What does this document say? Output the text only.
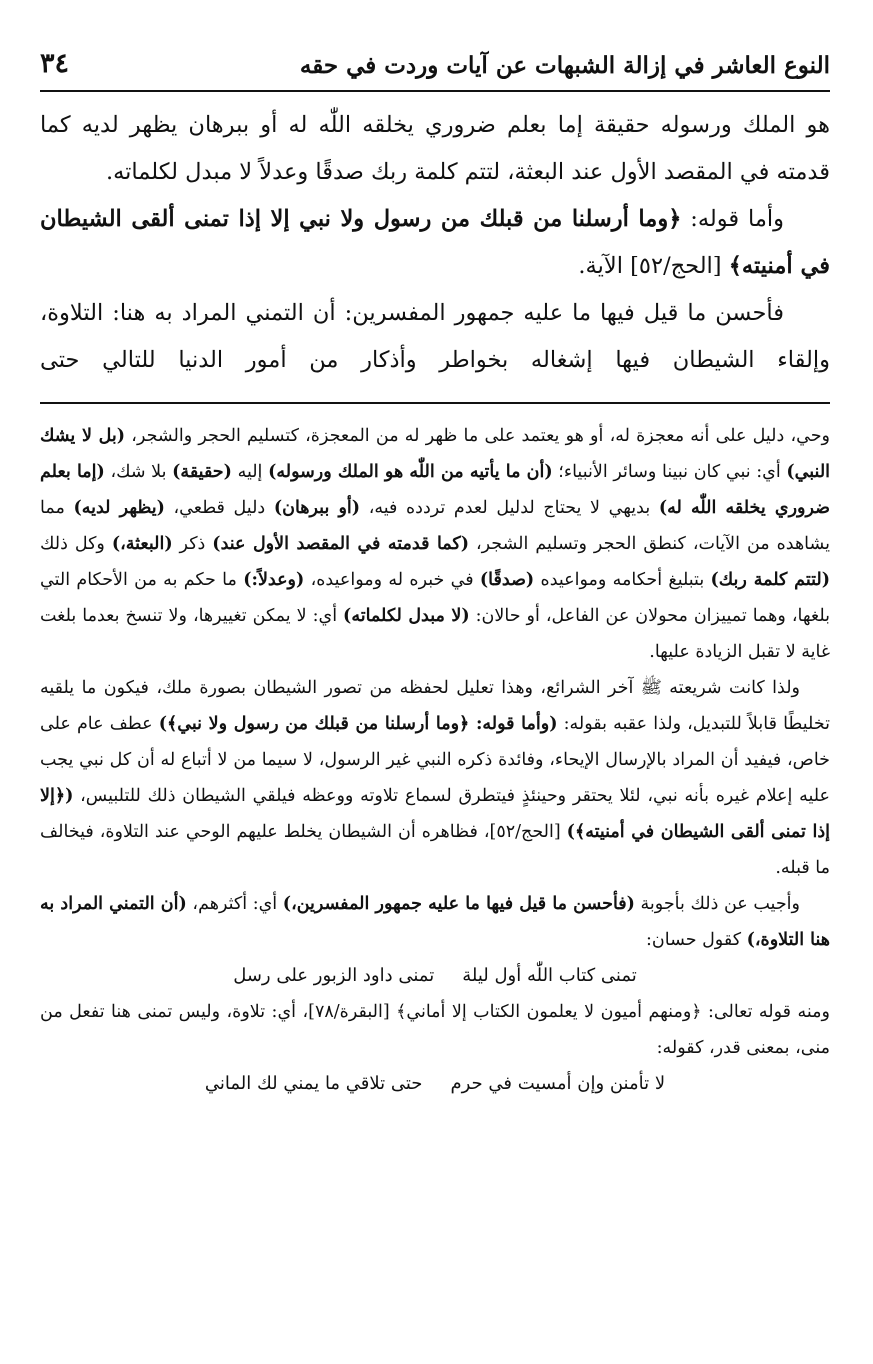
النوع العاشر في إزالة الشبهات عن آيات وردت في حقه
٣٤

هو الملك ورسوله حقيقة إما بعلم ضروري يخلقه اللّٰه له أو ببرهان يظهر لديه كما قدمته في المقصد الأول عند البعثة، لتتم كلمة ربك صدقًا وعدلاً لا مبدل لكلماته.

وأما قوله: ﴿وما أرسلنا من قبلك من رسول ولا نبي إلا إذا تمنى ألقى الشيطان في أمنيته﴾ [الحج/٥٢] الآية.

فأحسن ما قيل فيها ما عليه جمهور المفسرين: أن التمني المراد به هنا: التلاوة، وإلقاء الشيطان فيها إشغاله بخواطر وأذكار من أمور الدنيا للتالي حتى

وحي، دليل على أنه معجزة له، أو هو يعتمد على ما ظهر له من المعجزة، كتسليم الحجر والشجر، (بل لا يشك النبي) أي: نبي كان نبينا وسائر الأنبياء؛ (أن ما يأتيه من اللّٰه هو الملك ورسوله) إليه (حقيقة) بلا شك، (إما بعلم ضروري يخلقه اللّٰه له) بديهي لا يحتاج لدليل لعدم تردده فيه، (أو ببرهان) دليل قطعي، (يظهر لديه) مما يشاهده من الآيات، كنطق الحجر وتسليم الشجر، (كما قدمته في المقصد الأول عند) ذكر (البعثة،) وكل ذلك (لتتم كلمة ربك) بتبليغ أحكامه ومواعيده (صدقًا) في خبره له ومواعيده، (وعدلاً:) ما حكم به من الأحكام التي بلغها، وهما تمييزان محولان عن الفاعل، أو حالان: (لا مبدل لكلماته) أي: لا يمكن تغييرها، ولا تنسخ بعدما بلغت غاية لا تقبل الزيادة عليها.

ولذا كانت شريعته ﷺ آخر الشرائع، وهذا تعليل لحفظه من تصور الشيطان بصورة ملك، فيكون ما يلقيه تخليطًا قابلاً للتبديل، ولذا عقبه بقوله: (وأما قوله: ﴿وما أرسلنا من قبلك من رسول ولا نبي﴾) عطف عام على خاص، فيفيد أن المراد بالإرسال الإيحاء، وفائدة ذكره النبي غير الرسول، لا سيما من لا أتباع له أن كل نبي يجب عليه إعلام غيره بأنه نبي، لئلا يحتقر وحينئذٍ فيتطرق لسماع تلاوته ووعظه فيلقي الشيطان ذلك للتلبيس، (﴿إلا إذا تمنى ألقى الشيطان في أمنيته﴾) [الحج/٥٢]، فظاهره أن الشيطان يخلط عليهم الوحي عند التلاوة، فيخالف ما قبله.

وأجيب عن ذلك بأجوبة (فأحسن ما قيل فيها ما عليه جمهور المفسرين،) أي: أكثرهم، (أن التمني المراد به هنا التلاوة،) كقول حسان:

تمنى كتاب اللّٰه أول ليلة
تمنى داود الزبور على رسل

ومنه قوله تعالى: ﴿ومنهم أميون لا يعلمون الكتاب إلا أماني﴾ [البقرة/٧٨]، أي: تلاوة، وليس تمنى هنا تفعل من منى، بمعنى قدر، كقوله:

لا تأمنن وإن أمسيت في حرم
حتى تلاقي ما يمني لك الماني
